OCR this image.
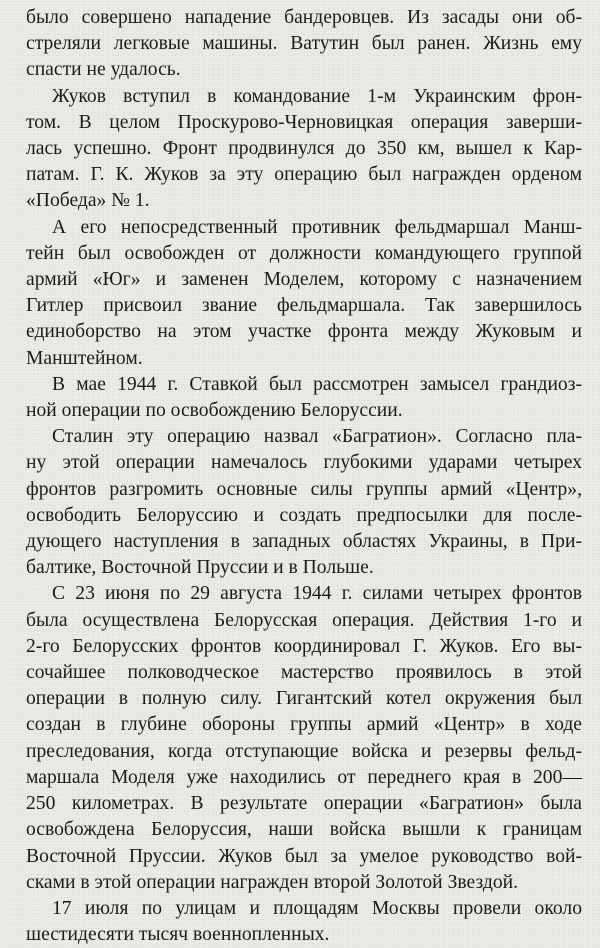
было совершено нападение бандеровцев. Из засады они об-
стреляли легковые машины. Ватутин был ранен. Жизнь ему
спасти не удалось.
Жуков вступил в командование 1-м Украинским фрон-
том. В целом Проскурово-Черновицкая операция заверши-
лась успешно. Фронт продвинулся до 350 км, вышел к Кар-
патам. Г. К. Жуков за эту операцию был награжден орденом
«Победа» № 1.
А его непосредственный противник фельдмаршал Манш-
тейн был освобожден от должности командующего группой
армий «Юг» и заменен Моделем, которому с назначением
Гитлер присвоил звание фельдмаршала. Так завершилось
единоборство на этом участке фронта между Жуковым и
Манштейном.
В мае 1944 г. Ставкой был рассмотрен замысел грандиоз-
ной операции по освобождению Белоруссии.
Сталин эту операцию назвал «Багратион». Согласно пла-
ну этой операции намечалось глубокими ударами четырех
фронтов разгромить основные силы группы армий «Центр»,
освободить Белоруссию и создать предпосылки для после-
дующего наступления в западных областях Украины, в При-
балтике, Восточной Пруссии и в Польше.
С 23 июня по 29 августа 1944 г. силами четырех фронтов
была осуществлена Белорусская операция. Действия 1-го и
2-го Белорусских фронтов координировал Г. Жуков. Его вы-
сочайшее полководческое мастерство проявилось в этой
операции в полную силу. Гигантский котел окружения был
создан в глубине обороны группы армий «Центр» в ходе
преследования, когда отступающие войска и резервы фельд-
маршала Моделя уже находились от переднего края в 200—
250 километрах. В результате операции «Багратион» была
освобождена Белоруссия, наши войска вышли к границам
Восточной Пруссии. Жуков был за умелое руководство вой-
сками в этой операции награжден второй Золотой Звездой.
17 июля по улицам и площадям Москвы провели около
шестидесяти тысяч военнопленных.
